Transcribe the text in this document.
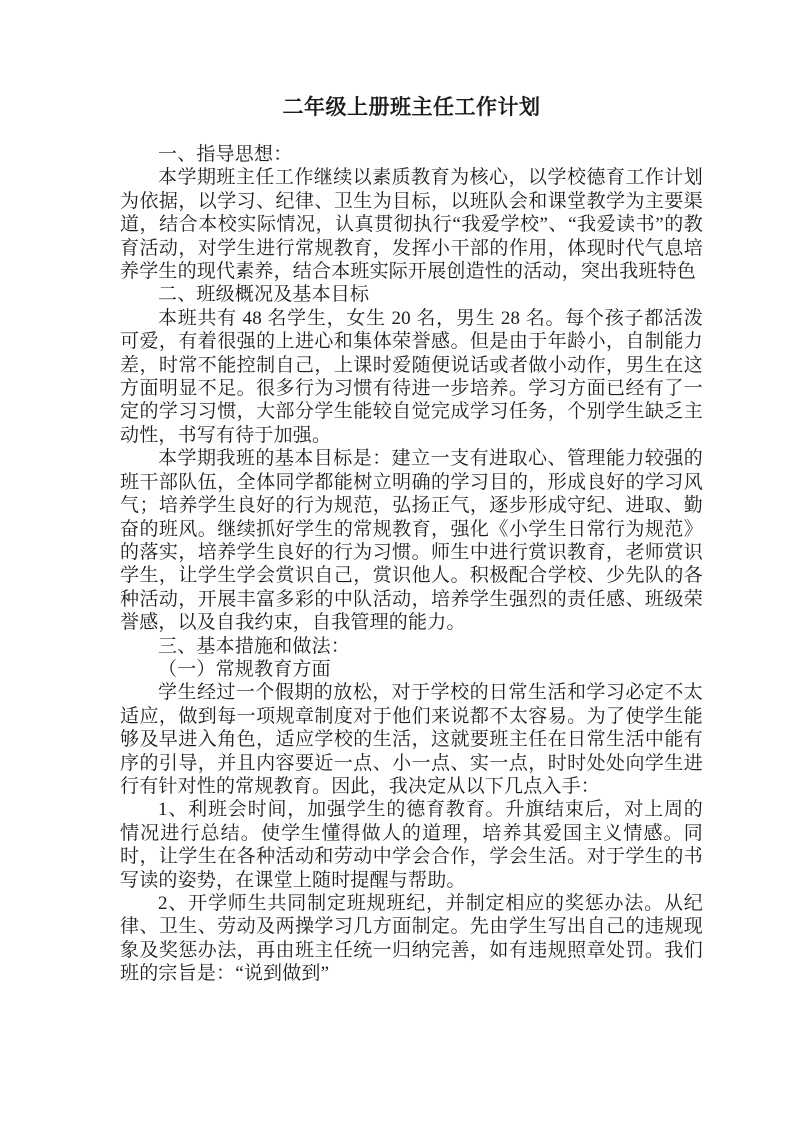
二年级上册班主任工作计划

一、指导思想：

本学期班主任工作继续以素质教育为核心，以学校德育工作计划为依据，以学习、纪律、卫生为目标，以班队会和课堂教学为主要渠道，结合本校实际情况，认真贯彻执行“我爱学校”、“我爱读书”的教育活动，对学生进行常规教育，发挥小干部的作用，体现时代气息培养学生的现代素养，结合本班实际开展创造性的活动，突出我班特色

二、班级概况及基本目标

本班共有 48 名学生，女生 20 名，男生 28 名。每个孩子都活泼可爱，有着很强的上进心和集体荣誉感。但是由于年龄小，自制能力差，时常不能控制自己，上课时爱随便说话或者做小动作，男生在这方面明显不足。很多行为习惯有待进一步培养。学习方面已经有了一定的学习习惯，大部分学生能较自觉完成学习任务，个别学生缺乏主动性，书写有待于加强。

本学期我班的基本目标是：建立一支有进取心、管理能力较强的班干部队伍，全体同学都能树立明确的学习目的，形成良好的学习风气；培养学生良好的行为规范，弘扬正气，逐步形成守纪、进取、勤奋的班风。继续抓好学生的常规教育，强化《小学生日常行为规范》的落实，培养学生良好的行为习惯。师生中进行赏识教育，老师赏识学生，让学生学会赏识自己，赏识他人。积极配合学校、少先队的各种活动，开展丰富多彩的中队活动，培养学生强烈的责任感、班级荣誉感，以及自我约束，自我管理的能力。

三、基本措施和做法：

（一）常规教育方面

学生经过一个假期的放松，对于学校的日常生活和学习必定不太适应，做到每一项规章制度对于他们来说都不太容易。为了使学生能够及早进入角色，适应学校的生活，这就要班主任在日常生活中能有序的引导，并且内容要近一点、小一点、实一点，时时处处向学生进行有针对性的常规教育。因此，我决定从以下几点入手：

1、利班会时间，加强学生的德育教育。升旗结束后，对上周的情况进行总结。使学生懂得做人的道理，培养其爱国主义情感。同时，让学生在各种活动和劳动中学会合作，学会生活。对于学生的书写读的姿势，在课堂上随时提醒与帮助。

2、开学师生共同制定班规班纪，并制定相应的奖惩办法。从纪律、卫生、劳动及两操学习几方面制定。先由学生写出自己的违规现象及奖惩办法，再由班主任统一归纳完善，如有违规照章处罚。我们班的宗旨是：“说到做到”
